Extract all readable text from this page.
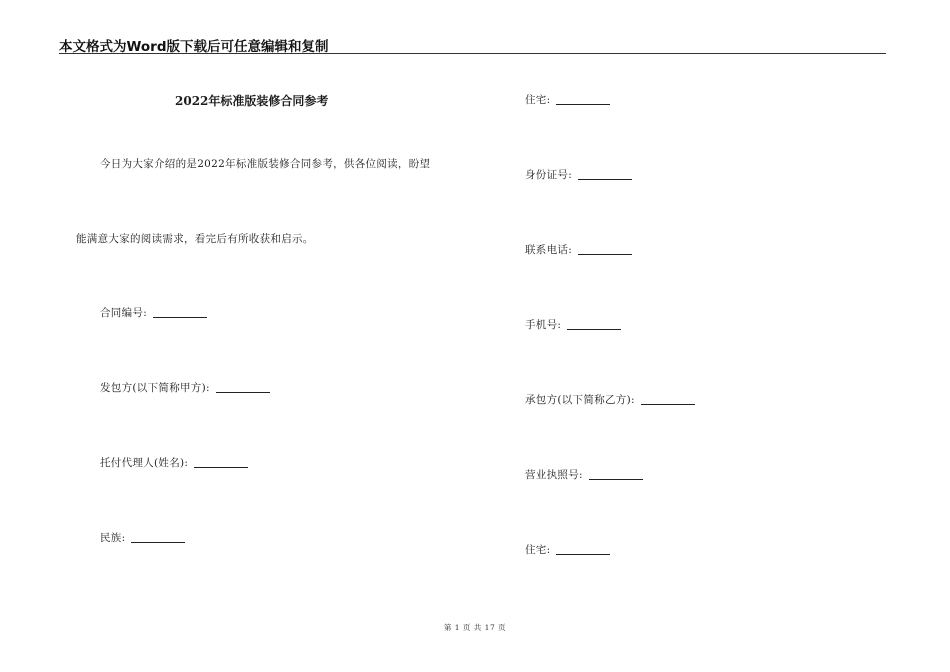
本文格式为Word版下载后可任意编辑和复制
2022年标准版装修合同参考
今日为大家介绍的是2022年标准版装修合同参考，供各位阅读，盼望
能满意大家的阅读需求，看完后有所收获和启示。
合同编号:
发包方(以下简称甲方):
托付代理人(姓名):
民族:
住宅:
身份证号:
联系电话:
手机号:
承包方(以下简称乙方):
营业执照号:
住宅:
第 1 页 共 17 页
